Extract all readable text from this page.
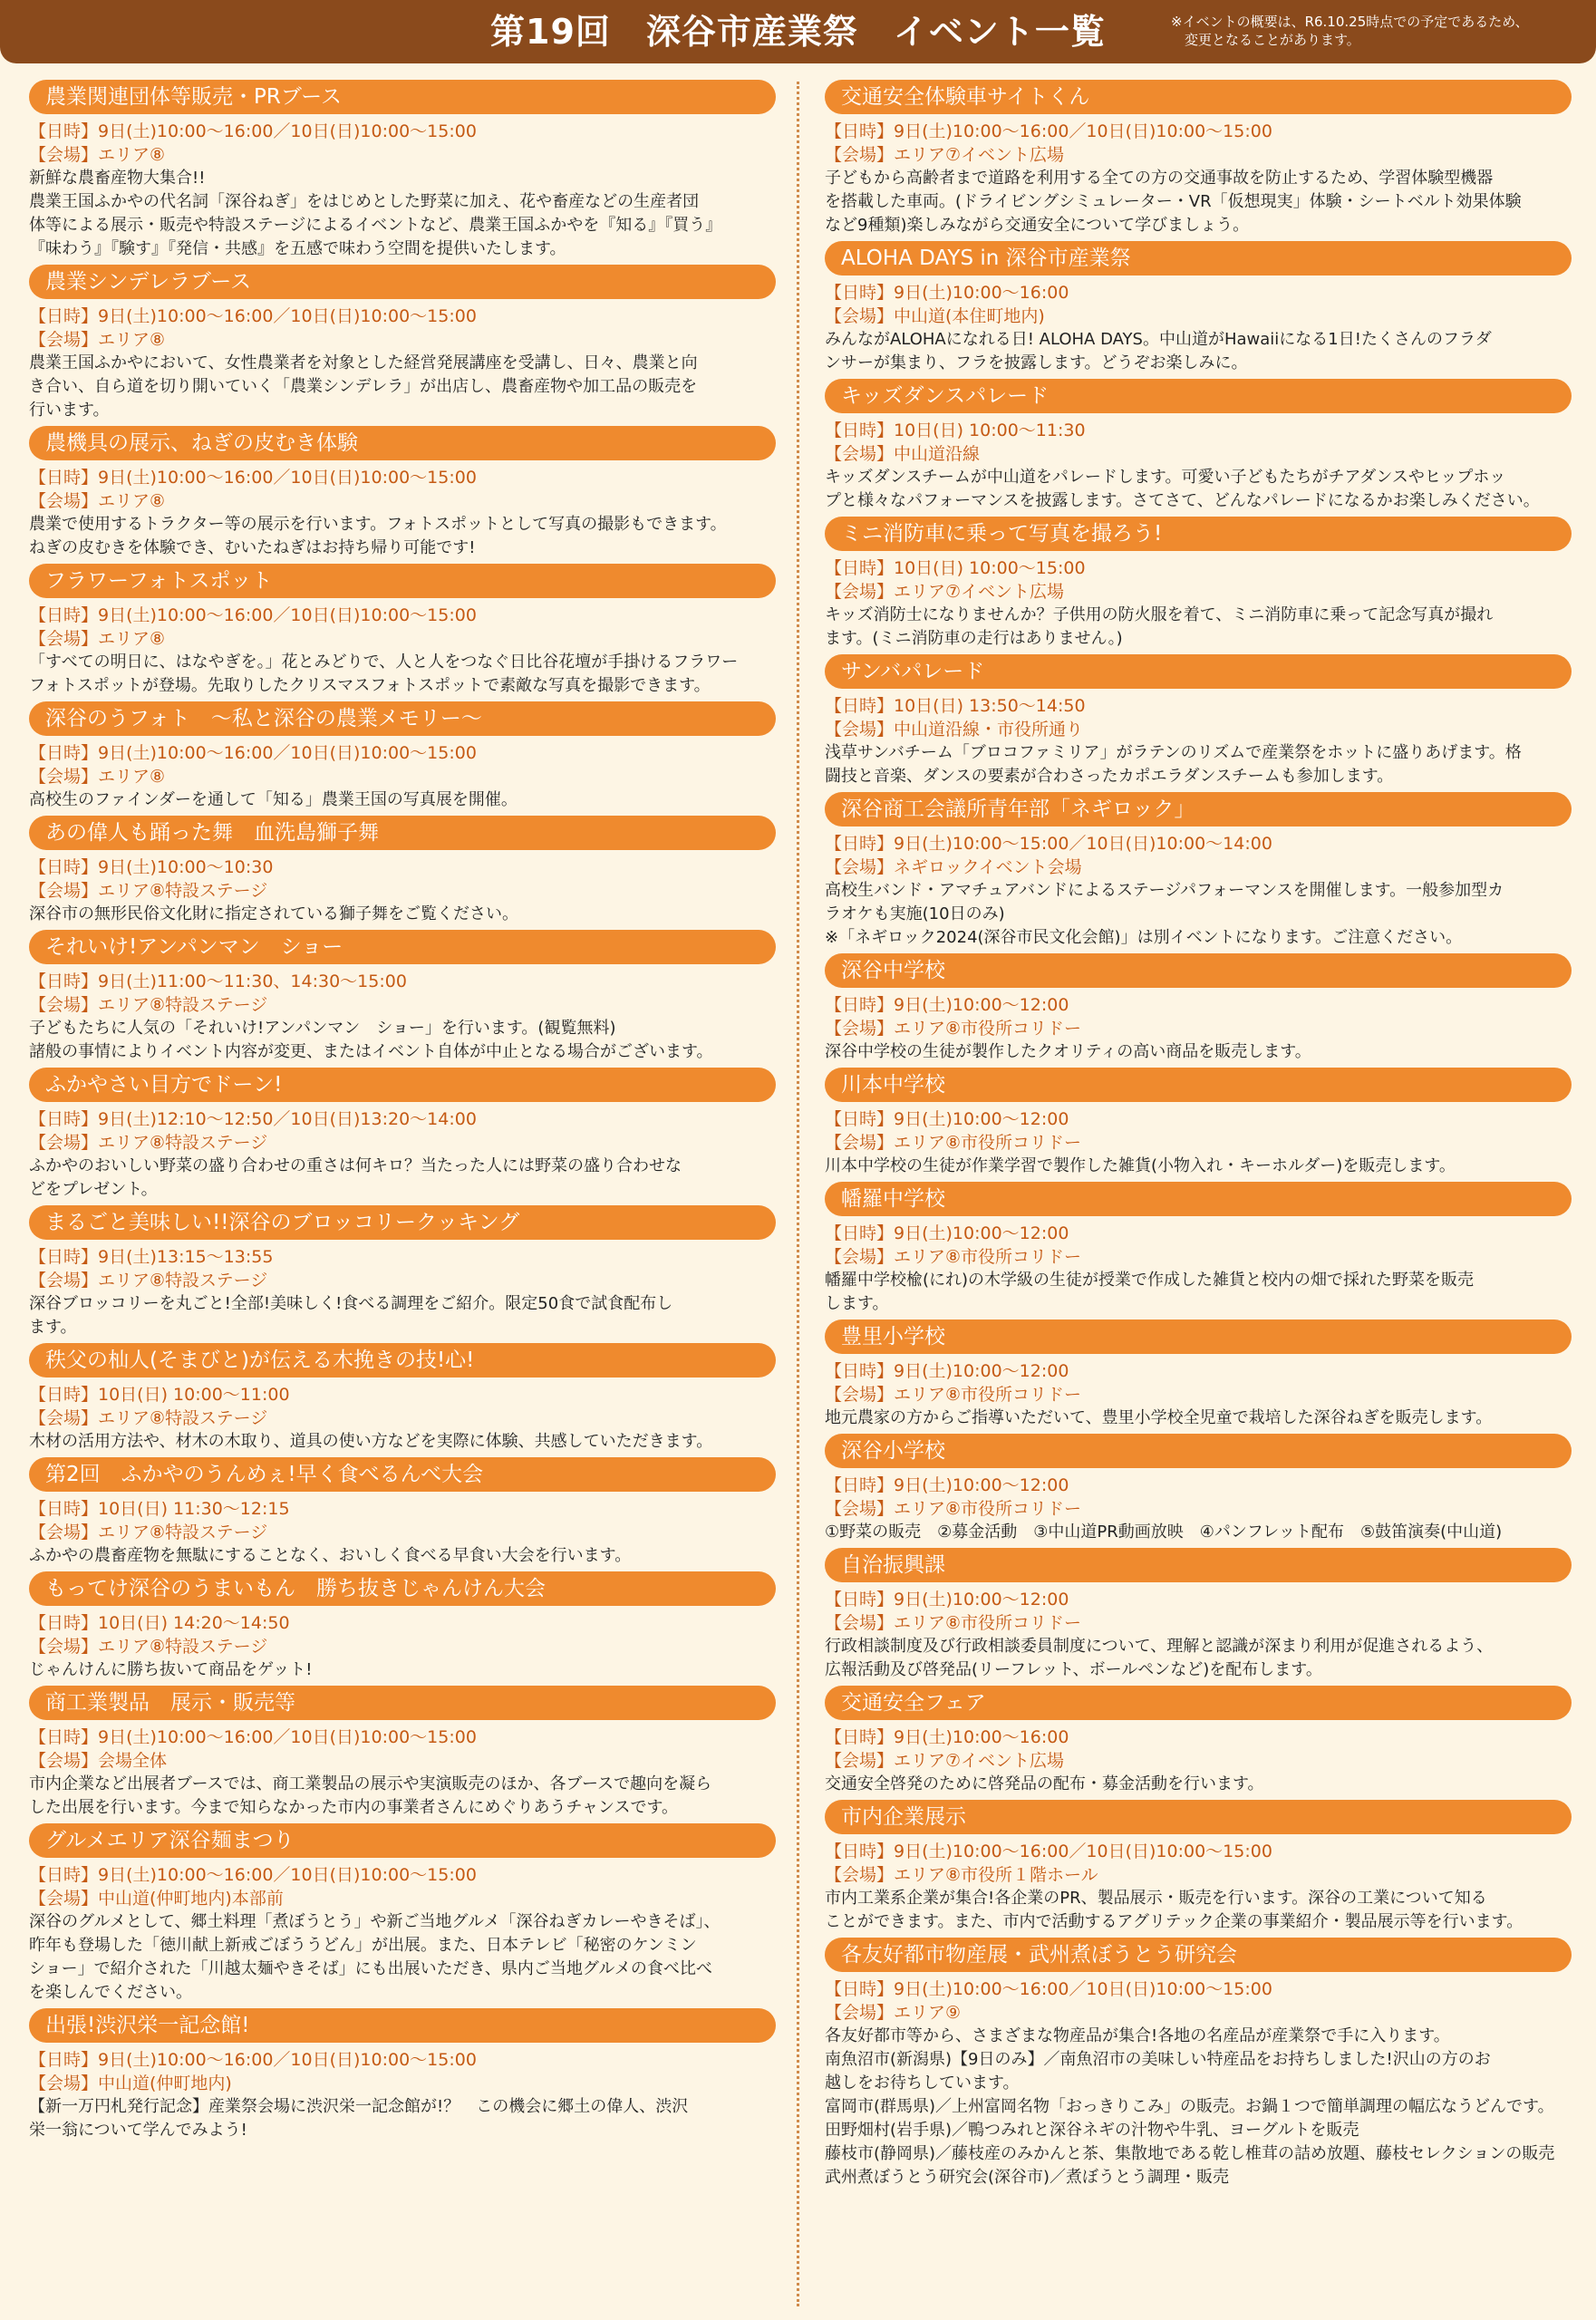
第19回　深谷市産業祭　イベント一覧	※イベントの概要は、R6.10.25時点での予定であるため、
　変更となることがあります。
農業関連団体等販売・PRブース
【日時】9日(土)10:00～16:00／10日(日)10:00～15:00
【会場】エリア⑧
新鮮な農畜産物大集合!!
農業王国ふかやの代名詞「深谷ねぎ」をはじめとした野菜に加え、花や畜産などの生産者団
体等による展示・販売や特設ステージによるイベントなど、農業王国ふかやを『知る』『買う』
『味わう』『験す』『発信・共感』を五感で味わう空間を提供いたします。
農業シンデレラブース
【日時】9日(土)10:00～16:00／10日(日)10:00～15:00
【会場】エリア⑧
農業王国ふかやにおいて、女性農業者を対象とした経営発展講座を受講し、日々、農業と向
き合い、自ら道を切り開いていく「農業シンデレラ」が出店し、農畜産物や加工品の販売を
行います。
農機具の展示、ねぎの皮むき体験
【日時】9日(土)10:00～16:00／10日(日)10:00～15:00
【会場】エリア⑧
農業で使用するトラクター等の展示を行います。フォトスポットとして写真の撮影もできます。
ねぎの皮むきを体験でき、むいたねぎはお持ち帰り可能です!
フラワーフォトスポット
【日時】9日(土)10:00～16:00／10日(日)10:00～15:00
【会場】エリア⑧
「すべての明日に、はなやぎを。」花とみどりで、人と人をつなぐ日比谷花壇が手掛けるフラワー
フォトスポットが登場。先取りしたクリスマスフォトスポットで素敵な写真を撮影できます。
深谷のうフォト　～私と深谷の農業メモリー～
【日時】9日(土)10:00～16:00／10日(日)10:00～15:00
【会場】エリア⑧
高校生のファインダーを通して「知る」農業王国の写真展を開催。
あの偉人も踊った舞　血洗島獅子舞
【日時】9日(土)10:00～10:30
【会場】エリア⑧特設ステージ
深谷市の無形民俗文化財に指定されている獅子舞をご覧ください。
それいけ!アンパンマン　ショー
【日時】9日(土)11:00～11:30、14:30～15:00
【会場】エリア⑧特設ステージ
子どもたちに人気の「それいけ!アンパンマン　ショー」を行います。(観覧無料)
諸般の事情によりイベント内容が変更、またはイベント自体が中止となる場合がございます。
ふかやさい目方でドーン!
【日時】9日(土)12:10～12:50／10日(日)13:20～14:00
【会場】エリア⑧特設ステージ
ふかやのおいしい野菜の盛り合わせの重さは何キロ？当たった人には野菜の盛り合わせな
どをプレゼント。
まるごと美味しい!!深谷のブロッコリークッキング
【日時】9日(土)13:15～13:55
【会場】エリア⑧特設ステージ
深谷ブロッコリーを丸ごと!全部!美味しく!食べる調理をご紹介。限定50食で試食配布し
ます。
秩父の杣人(そまびと)が伝える木挽きの技!心!
【日時】10日(日) 10:00～11:00
【会場】エリア⑧特設ステージ
木材の活用方法や、材木の木取り、道具の使い方などを実際に体験、共感していただきます。
第2回　ふかやのうんめぇ!早く食べるんべ大会
【日時】10日(日) 11:30～12:15
【会場】エリア⑧特設ステージ
ふかやの農畜産物を無駄にすることなく、おいしく食べる早食い大会を行います。
もってけ深谷のうまいもん　勝ち抜きじゃんけん大会
【日時】10日(日) 14:20～14:50
【会場】エリア⑧特設ステージ
じゃんけんに勝ち抜いて商品をゲット!
商工業製品　展示・販売等
【日時】9日(土)10:00～16:00／10日(日)10:00～15:00
【会場】会場全体
市内企業など出展者ブースでは、商工業製品の展示や実演販売のほか、各ブースで趣向を凝ら
した出展を行います。今まで知らなかった市内の事業者さんにめぐりあうチャンスです。
グルメエリア深谷麺まつり
【日時】9日(土)10:00～16:00／10日(日)10:00～15:00
【会場】中山道(仲町地内)本部前
深谷のグルメとして、郷土料理「煮ぼうとう」や新ご当地グルメ「深谷ねぎカレーやきそば」、
昨年も登場した「徳川献上新戒ごぼううどん」が出展。また、日本テレビ「秘密のケンミン
ショー」で紹介された「川越太麺やきそば」にも出展いただき、県内ご当地グルメの食べ比べ
を楽しんでください。
出張!渋沢栄一記念館!
【日時】9日(土)10:00～16:00／10日(日)10:00～15:00
【会場】中山道(仲町地内)
【新一万円札発行記念】産業祭会場に渋沢栄一記念館が!？　この機会に郷土の偉人、渋沢
栄一翁について学んでみよう!
交通安全体験車サイトくん
【日時】9日(土)10:00～16:00／10日(日)10:00～15:00
【会場】エリア⑦イベント広場
子どもから高齢者まで道路を利用する全ての方の交通事故を防止するため、学習体験型機器
を搭載した車両。(ドライビングシミュレーター・VR「仮想現実」体験・シートベルト効果体験
など9種類)楽しみながら交通安全について学びましょう。
ALOHA DAYS in 深谷市産業祭
【日時】9日(土)10:00～16:00
【会場】中山道(本住町地内)
みんながALOHAになれる日! ALOHA DAYS。中山道がHawaiiになる1日!たくさんのフラダ
ンサーが集まり、フラを披露します。どうぞお楽しみに。
キッズダンスパレード
【日時】10日(日) 10:00～11:30
【会場】中山道沿線
キッズダンスチームが中山道をパレードします。可愛い子どもたちがチアダンスやヒップホッ
プと様々なパフォーマンスを披露します。さてさて、どんなパレードになるかお楽しみください。
ミニ消防車に乗って写真を撮ろう!
【日時】10日(日) 10:00～15:00
【会場】エリア⑦イベント広場
キッズ消防士になりませんか？子供用の防火服を着て、ミニ消防車に乗って記念写真が撮れ
ます。(ミニ消防車の走行はありません。)
サンバパレード
【日時】10日(日) 13:50～14:50
【会場】中山道沿線・市役所通り
浅草サンバチーム「ブロコファミリア」がラテンのリズムで産業祭をホットに盛りあげます。格
闘技と音楽、ダンスの要素が合わさったカポエラダンスチームも参加します。
深谷商工会議所青年部「ネギロック」
【日時】9日(土)10:00～15:00／10日(日)10:00～14:00
【会場】ネギロックイベント会場
高校生バンド・アマチュアバンドによるステージパフォーマンスを開催します。一般参加型カ
ラオケも実施(10日のみ)
※「ネギロック2024(深谷市民文化会館)」は別イベントになります。ご注意ください。
深谷中学校
【日時】9日(土)10:00～12:00
【会場】エリア⑧市役所コリドー
深谷中学校の生徒が製作したクオリティの高い商品を販売します。
川本中学校
【日時】9日(土)10:00～12:00
【会場】エリア⑧市役所コリドー
川本中学校の生徒が作業学習で製作した雑貨(小物入れ・キーホルダー)を販売します。
幡羅中学校
【日時】9日(土)10:00～12:00
【会場】エリア⑧市役所コリドー
幡羅中学校楡(にれ)の木学級の生徒が授業で作成した雑貨と校内の畑で採れた野菜を販売
します。
豊里小学校
【日時】9日(土)10:00～12:00
【会場】エリア⑧市役所コリドー
地元農家の方からご指導いただいて、豊里小学校全児童で栽培した深谷ねぎを販売します。
深谷小学校
【日時】9日(土)10:00～12:00
【会場】エリア⑧市役所コリドー
①野菜の販売　②募金活動　③中山道PR動画放映　④パンフレット配布　⑤鼓笛演奏(中山道)
自治振興課
【日時】9日(土)10:00～12:00
【会場】エリア⑧市役所コリドー
行政相談制度及び行政相談委員制度について、理解と認識が深まり利用が促進されるよう、
広報活動及び啓発品(リーフレット、ボールペンなど)を配布します。
交通安全フェア
【日時】9日(土)10:00～16:00
【会場】エリア⑦イベント広場
交通安全啓発のために啓発品の配布・募金活動を行います。
市内企業展示
【日時】9日(土)10:00～16:00／10日(日)10:00～15:00
【会場】エリア⑧市役所１階ホール
市内工業系企業が集合!各企業のPR、製品展示・販売を行います。深谷の工業について知る
ことができます。また、市内で活動するアグリテック企業の事業紹介・製品展示等を行います。
各友好都市物産展・武州煮ぼうとう研究会
【日時】9日(土)10:00～16:00／10日(日)10:00～15:00
【会場】エリア⑨
各友好都市等から、さまざまな物産品が集合!各地の名産品が産業祭で手に入ります。
南魚沼市(新潟県)【9日のみ】／南魚沼市の美味しい特産品をお持ちしました!沢山の方のお
越しをお待ちしています。
富岡市(群馬県)／上州富岡名物「おっきりこみ」の販売。お鍋１つで簡単調理の幅広なうどんです。
田野畑村(岩手県)／鴨つみれと深谷ネギの汁物や牛乳、ヨーグルトを販売
藤枝市(静岡県)／藤枝産のみかんと茶、集散地である乾し椎茸の詰め放題、藤枝セレクションの販売
武州煮ぼうとう研究会(深谷市)／煮ぼうとう調理・販売
